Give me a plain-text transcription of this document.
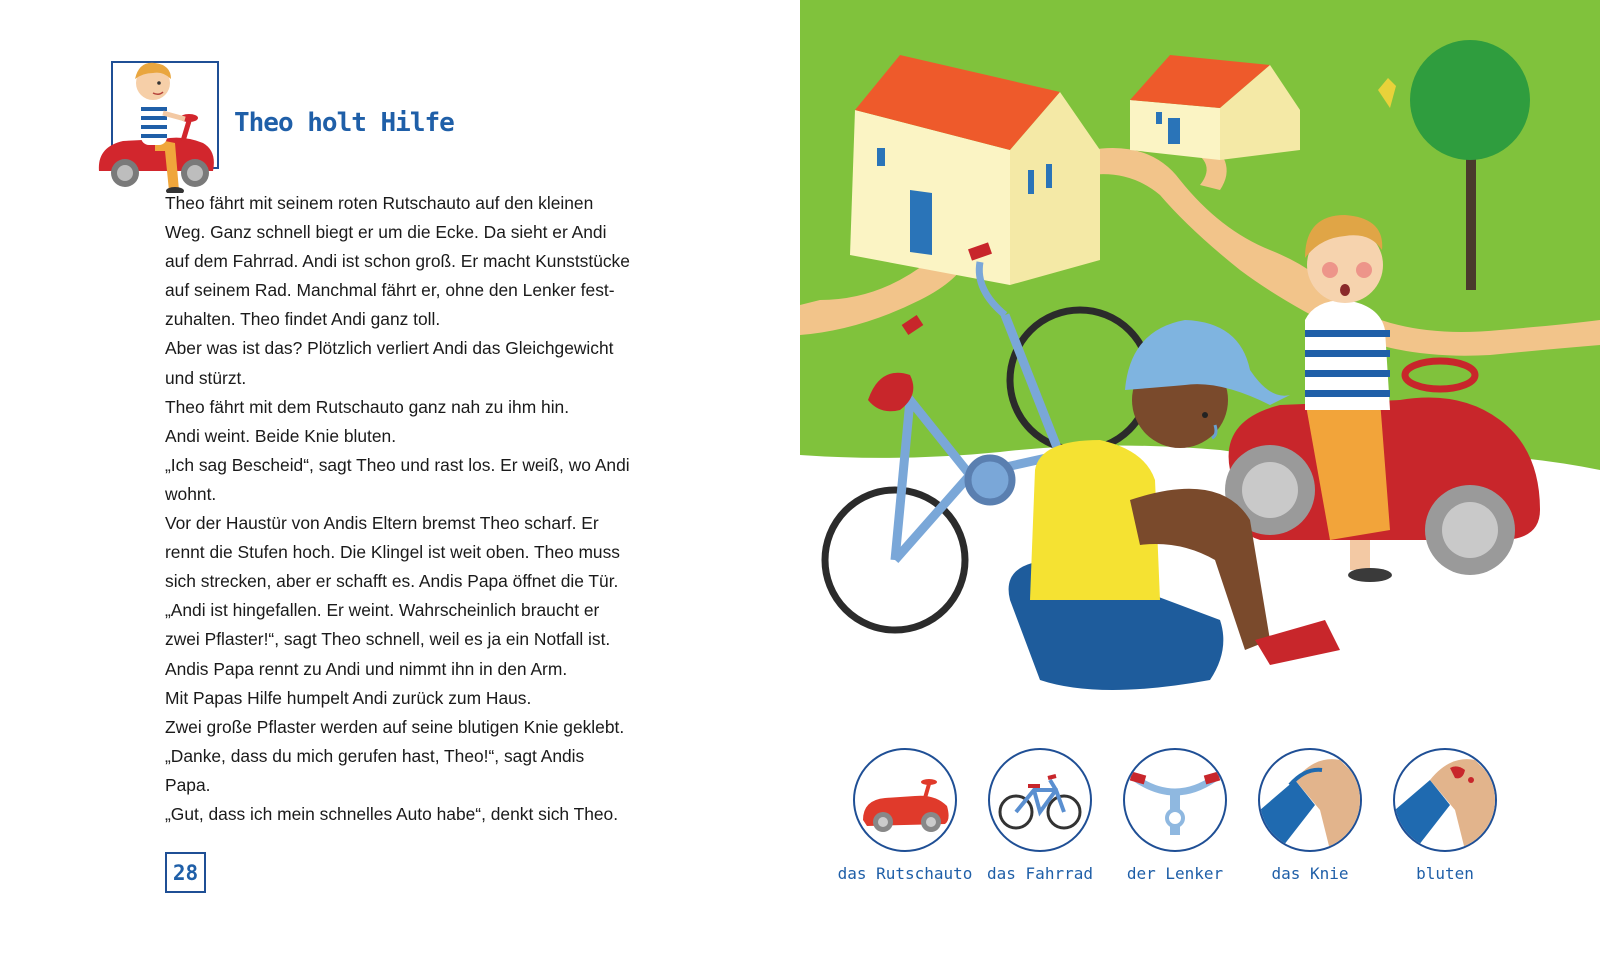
Theo holt Hilfe
Theo fährt mit seinem roten Rutschauto auf den kleinen
Weg. Ganz schnell biegt er um die Ecke. Da sieht er Andi
auf dem Fahrrad. Andi ist schon groß. Er macht Kunststücke
auf seinem Rad. Manchmal fährt er, ohne den Lenker fest-
zuhalten. Theo findet Andi ganz toll.
Aber was ist das? Plötzlich verliert Andi das Gleichgewicht
und stürzt.
Theo fährt mit dem Rutschauto ganz nah zu ihm hin.
Andi weint. Beide Knie bluten.
„Ich sag Bescheid“, sagt Theo und rast los. Er weiß, wo Andi
wohnt.
Vor der Haustür von Andis Eltern bremst Theo scharf. Er
rennt die Stufen hoch. Die Klingel ist weit oben. Theo muss
sich strecken, aber er schafft es. Andis Papa öffnet die Tür.
„Andi ist hingefallen. Er weint. Wahrscheinlich braucht er
zwei Pflaster!“, sagt Theo schnell, weil es ja ein Notfall ist.
Andis Papa rennt zu Andi und nimmt ihn in den Arm.
Mit Papas Hilfe humpelt Andi zurück zum Haus.
Zwei große Pflaster werden auf seine blutigen Knie geklebt.
„Danke, dass du mich gerufen hast, Theo!“, sagt Andis
Papa.
„Gut, dass ich mein schnelles Auto habe“, denkt sich Theo.
28	das Rutschauto das Fahrrad	der Lenker	das Knie	bluten
